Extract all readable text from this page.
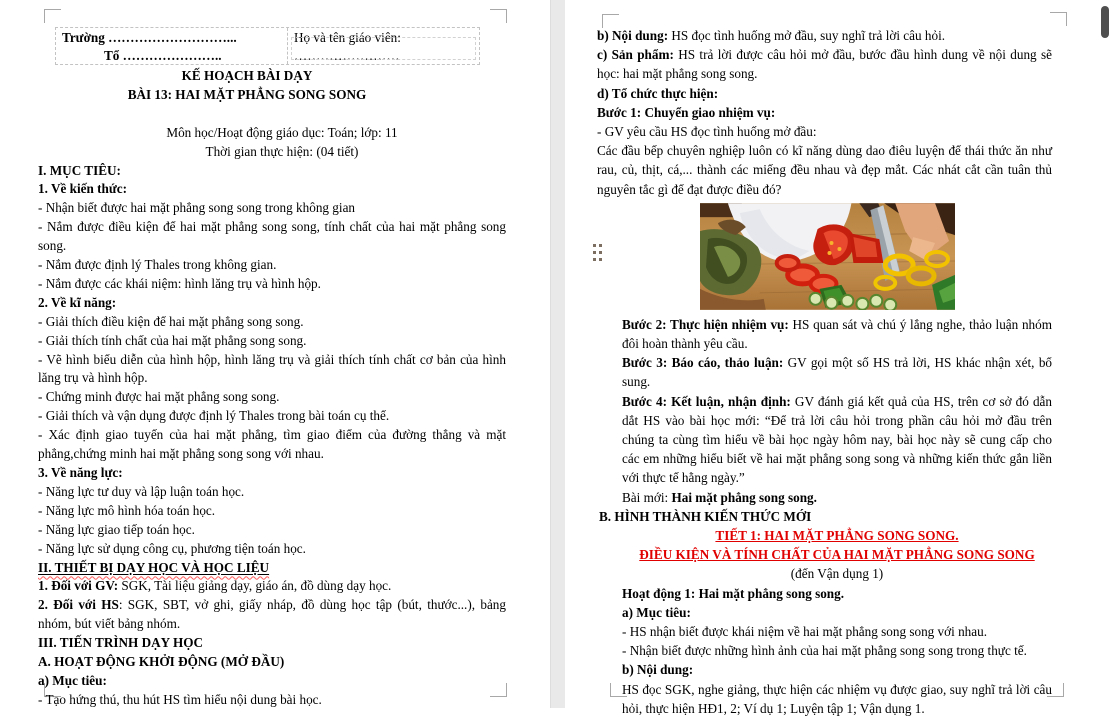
Trường ………………………...

Tổ …………………..

Họ và tên giáo viên: ……………………

KẾ HOẠCH BÀI DẠY

BÀI 13: HAI MẶT PHẲNG SONG SONG

Môn học/Hoạt động giáo dục: Toán; lớp: 11

Thời gian thực hiện: (04 tiết)

I. MỤC TIÊU:

1. Về kiến thức:

- Nhận biết được hai mặt phẳng song song trong không gian

- Nắm được điều kiện để hai mặt phẳng song song, tính chất của hai mặt phẳng song song.

- Nắm được định lý Thales trong không gian.

- Nắm được các khái niệm: hình lăng trụ và hình hộp.

2. Về kĩ năng:

- Giải thích điều kiện để hai mặt phẳng song song.

- Giải thích tính chất của hai mặt phẳng song song.

- Vẽ hình biểu diễn của hình hộp, hình lăng trụ và giải thích tính chất cơ bản của hình lăng trụ và hình hộp.

- Chứng minh được hai mặt phẳng song song.

- Giải thích và vận dụng được định lý Thales trong bài toán cụ thể.

- Xác định giao tuyến của hai mặt phẳng, tìm giao điểm của đường thẳng và mặt phẳng,chứng minh hai mặt phẳng song song với nhau.

3. Về năng lực:

- Năng lực tư duy và lập luận toán học.

- Năng lực mô hình hóa toán học.

- Năng lực giao tiếp toán học.

- Năng lực sử dụng công cụ, phương tiện toán học.

II. THIẾT BỊ DẠY HỌC VÀ HỌC LIỆU

1. Đối với GV: SGK, Tài liệu giảng dạy, giáo án, đồ dùng dạy học.

2. Đối với HS: SGK, SBT, vở ghi, giấy nháp, đồ dùng học tập (bút, thước...), bảng nhóm, bút viết bảng nhóm.

III. TIẾN TRÌNH DẠY HỌC

A. HOẠT ĐỘNG KHỞI ĐỘNG (MỞ ĐẦU)

a) Mục tiêu:

- Tạo hứng thú, thu hút HS tìm hiểu nội dung bài học.

b) Nội dung: HS đọc tình huống mở đầu, suy nghĩ trả lời câu hỏi.

c) Sản phẩm: HS trả lời được câu hỏi mở đầu, bước đầu hình dung về nội dung sẽ học: hai mặt phẳng song song.

d) Tổ chức thực hiện:

Bước 1: Chuyển giao nhiệm vụ:

- GV yêu cầu HS đọc tình huống mở đầu:

Các đầu bếp chuyên nghiệp luôn có kĩ năng dùng dao điêu luyện để thái thức ăn như rau, củ, thịt, cá,... thành các miếng đều nhau và đẹp mắt. Các nhát cắt cần tuân thủ nguyên tắc gì để đạt được điều đó?

Bước 2: Thực hiện nhiệm vụ: HS quan sát và chú ý lắng nghe, thảo luận nhóm đôi hoàn thành yêu cầu.

Bước 3: Báo cáo, thảo luận: GV gọi một số HS trả lời, HS khác nhận xét, bổ sung.

Bước 4: Kết luận, nhận định: GV đánh giá kết quả của HS, trên cơ sở đó dẫn dắt HS vào bài học mới: “Để trả lời câu hỏi trong phần câu hỏi mở đầu trên chúng ta cùng tìm hiểu về bài học ngày hôm nay, bài học này sẽ cung cấp cho các em những hiểu biết về hai mặt phẳng song song và những kiến thức gắn liền với thực tế hằng ngày.”

Bài mới: Hai mặt phẳng song song.

B. HÌNH THÀNH KIẾN THỨC MỚI

TIẾT 1: HAI MẶT PHẲNG SONG SONG.

ĐIỀU KIỆN VÀ TÍNH CHẤT CỦA HAI MẶT PHẲNG SONG SONG

(đến Vận dụng 1)

Hoạt động 1: Hai mặt phẳng song song.

a) Mục tiêu:

- HS nhận biết được khái niệm về hai mặt phẳng song song với nhau.

- Nhận biết được những hình ảnh của hai mặt phẳng song song trong thực tế.

b) Nội dung:

HS đọc SGK, nghe giảng, thực hiện các nhiệm vụ được giao, suy nghĩ trả lời câu hỏi, thực hiện HĐ1, 2; Ví dụ 1; Luyện tập 1; Vận dụng 1.
